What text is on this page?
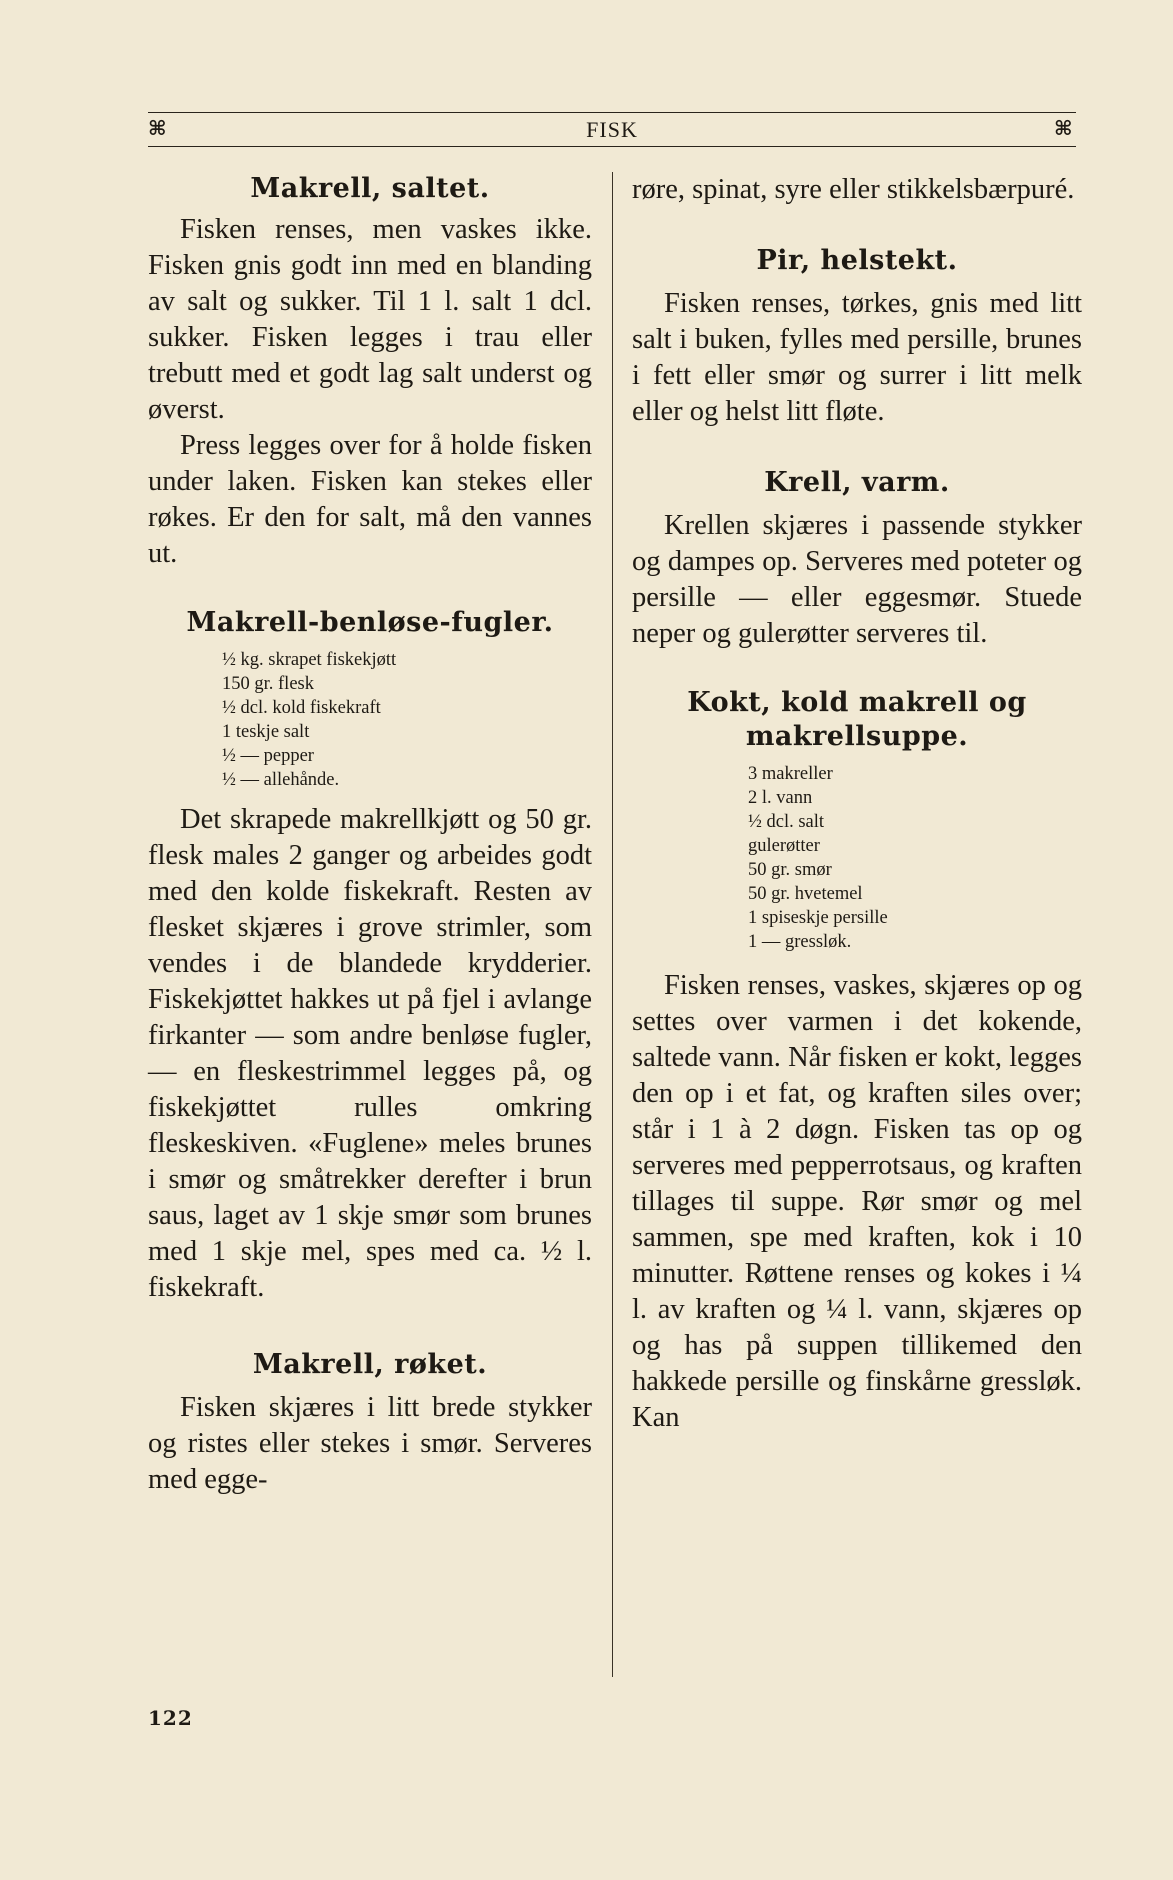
⌘	FISK	⌘
Makrell, saltet.

Fisken renses, men vaskes ikke. Fisken gnis godt inn med en blanding av salt og sukker. Til 1 l. salt 1 dcl. sukker. Fisken legges i trau eller trebutt med et godt lag salt underst og øverst.

Press legges over for å holde fisken under laken. Fisken kan stekes eller røkes. Er den for salt, må den vannes ut.

Makrell-benløse-fugler.
½ kg. skrapet fiskekjøtt
150 gr. flesk
½ dcl. kold fiskekraft
1 teskje salt
½ — pepper
½ — allehånde.

Det skrapede makrellkjøtt og 50 gr. flesk males 2 ganger og arbeides godt med den kolde fiskekraft. Resten av flesket skjæres i grove strimler, som vendes i de blandede krydderier. Fiskekjøttet hakkes ut på fjel i avlange firkanter — som andre benløse fugler, — en fleskestrimmel legges på, og fiskekjøttet rulles omkring fleskeskiven. «Fuglene» meles brunes i smør og småtrekker derefter i brun saus, laget av 1 skje smør som brunes med 1 skje mel, spes med ca. ½ l. fiskekraft.

Makrell, røket.

Fisken skjæres i litt brede stykker og ristes eller stekes i smør. Serveres med egge-

røre, spinat, syre eller stikkelsbærpuré.

Pir, helstekt.

Fisken renses, tørkes, gnis med litt salt i buken, fylles med persille, brunes i fett eller smør og surrer i litt melk eller og helst litt fløte.

Krell, varm.

Krellen skjæres i passende stykker og dampes op. Serveres med poteter og persille — eller eggesmør. Stuede neper og gulerøtter serveres til.

Kokt, kold makrell og makrellsuppe.
3 makreller
2 l. vann
½ dcl. salt
gulerøtter
50 gr. smør
50 gr. hvetemel
1 spiseskje persille
1 — gressløk.

Fisken renses, vaskes, skjæres op og settes over varmen i det kokende, saltede vann. Når fisken er kokt, legges den op i et fat, og kraften siles over; står i 1 à 2 døgn. Fisken tas op og serveres med pepperrotsaus, og kraften tillages til suppe. Rør smør og mel sammen, spe med kraften, kok i 10 minutter. Røttene renses og kokes i ¼ l. av kraften og ¼ l. vann, skjæres op og has på suppen tillikemed den hakkede persille og finskårne gressløk. Kan

122
